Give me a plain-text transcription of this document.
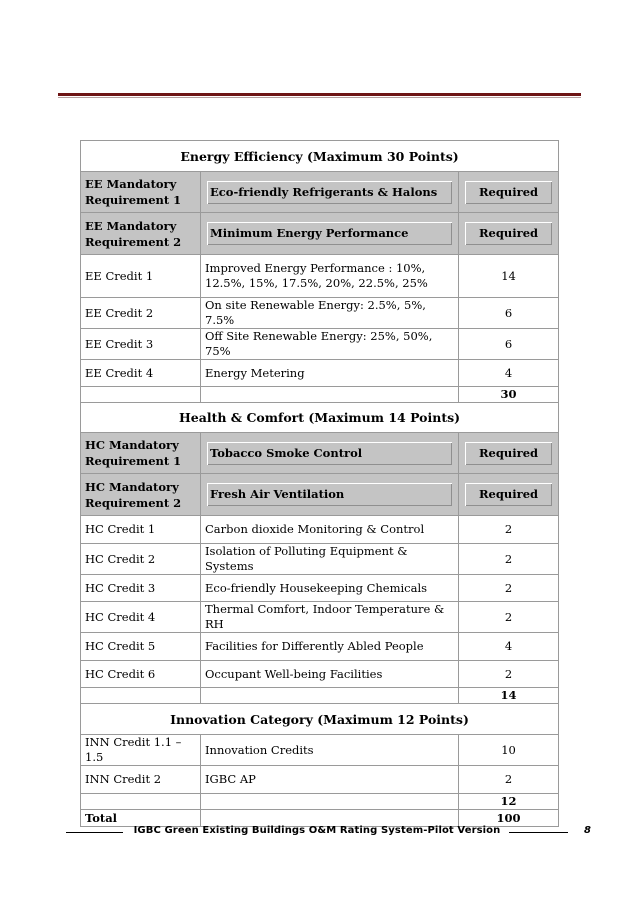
Energy Efficiency (Maximum 30 Points)		
EE Mandatory Requirement 1	Eco-friendly Refrigerants & Halons	Required

EE Mandatory Requirement 2	Minimum Energy Performance	Required

EE Credit 1	Improved Energy Performance : 10%, 12.5%, 15%, 17.5%, 20%, 22.5%, 25%	14
EE Credit 2	On site Renewable Energy: 2.5%, 5%, 7.5%	6
EE Credit 3	Off Site Renewable Energy: 25%, 50%, 75%	6
EE Credit 4	Energy Metering	4
		30
Health & Comfort (Maximum 14 Points)		
HC Mandatory Requirement 1	Tobacco Smoke Control	Required

HC Mandatory Requirement 2	Fresh Air Ventilation	Required

HC Credit 1	Carbon dioxide Monitoring & Control	2
HC Credit 2	Isolation of Polluting Equipment & Systems	2
HC Credit 3	Eco-friendly Housekeeping Chemicals	2
HC Credit 4	Thermal Comfort, Indoor Temperature & RH	2
HC Credit 5	Facilities for Differently Abled People	4
HC Credit 6	Occupant Well-being Facilities	2
		14
Innovation Category (Maximum 12 Points)		
INN Credit 1.1 – 1.5	Innovation Credits	10
INN Credit 2	IGBC AP	2
		12
Total		100
IGBC Green Existing Buildings O&M Rating System-Pilot Version	8
